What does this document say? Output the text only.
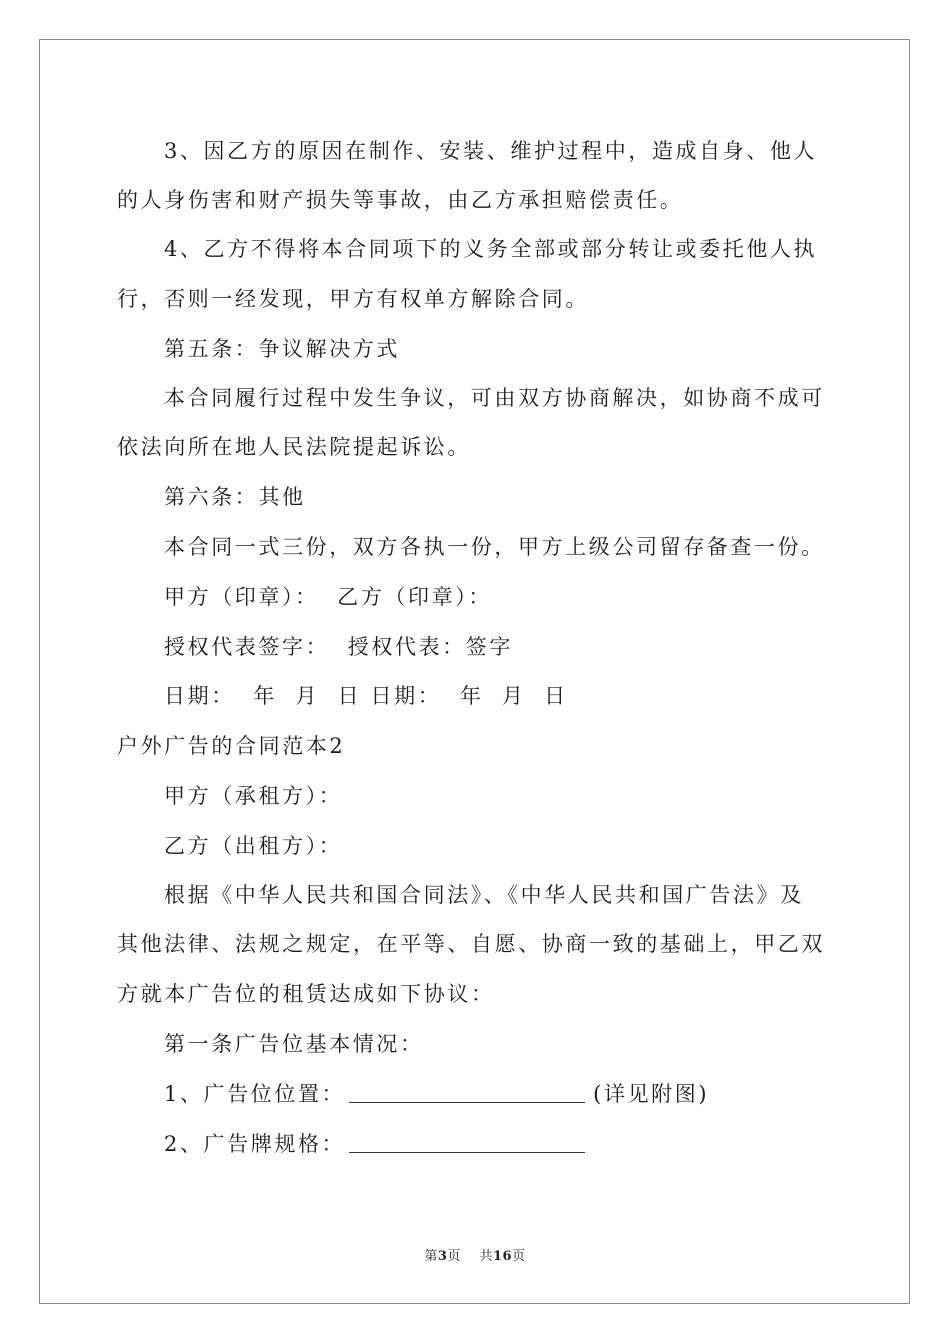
3、因乙方的原因在制作、安装、维护过程中，造成自身、他人
的人身伤害和财产损失等事故，由乙方承担赔偿责任。
4、乙方不得将本合同项下的义务全部或部分转让或委托他人执
行，否则一经发现，甲方有权单方解除合同。
第五条：争议解决方式
本合同履行过程中发生争议，可由双方协商解决，如协商不成可
依法向所在地人民法院提起诉讼。
第六条：其他
本合同一式三份，双方各执一份，甲方上级公司留存备查一份。
甲方（印章）：  乙方（印章）：
授权代表签字：  授权代表：签字
日期：  年  月  日 日期：  年  月  日
户外广告的合同范本2
甲方（承租方）：
乙方（出租方）：
根据《中华人民共和国合同法》、《中华人民共和国广告法》及
其他法律、法规之规定，在平等、自愿、协商一致的基础上，甲乙双
方就本广告位的租赁达成如下协议：
第一条广告位基本情况：
1、广告位位置：	(详见附图)
2、广告牌规格：
第3页    共16页
